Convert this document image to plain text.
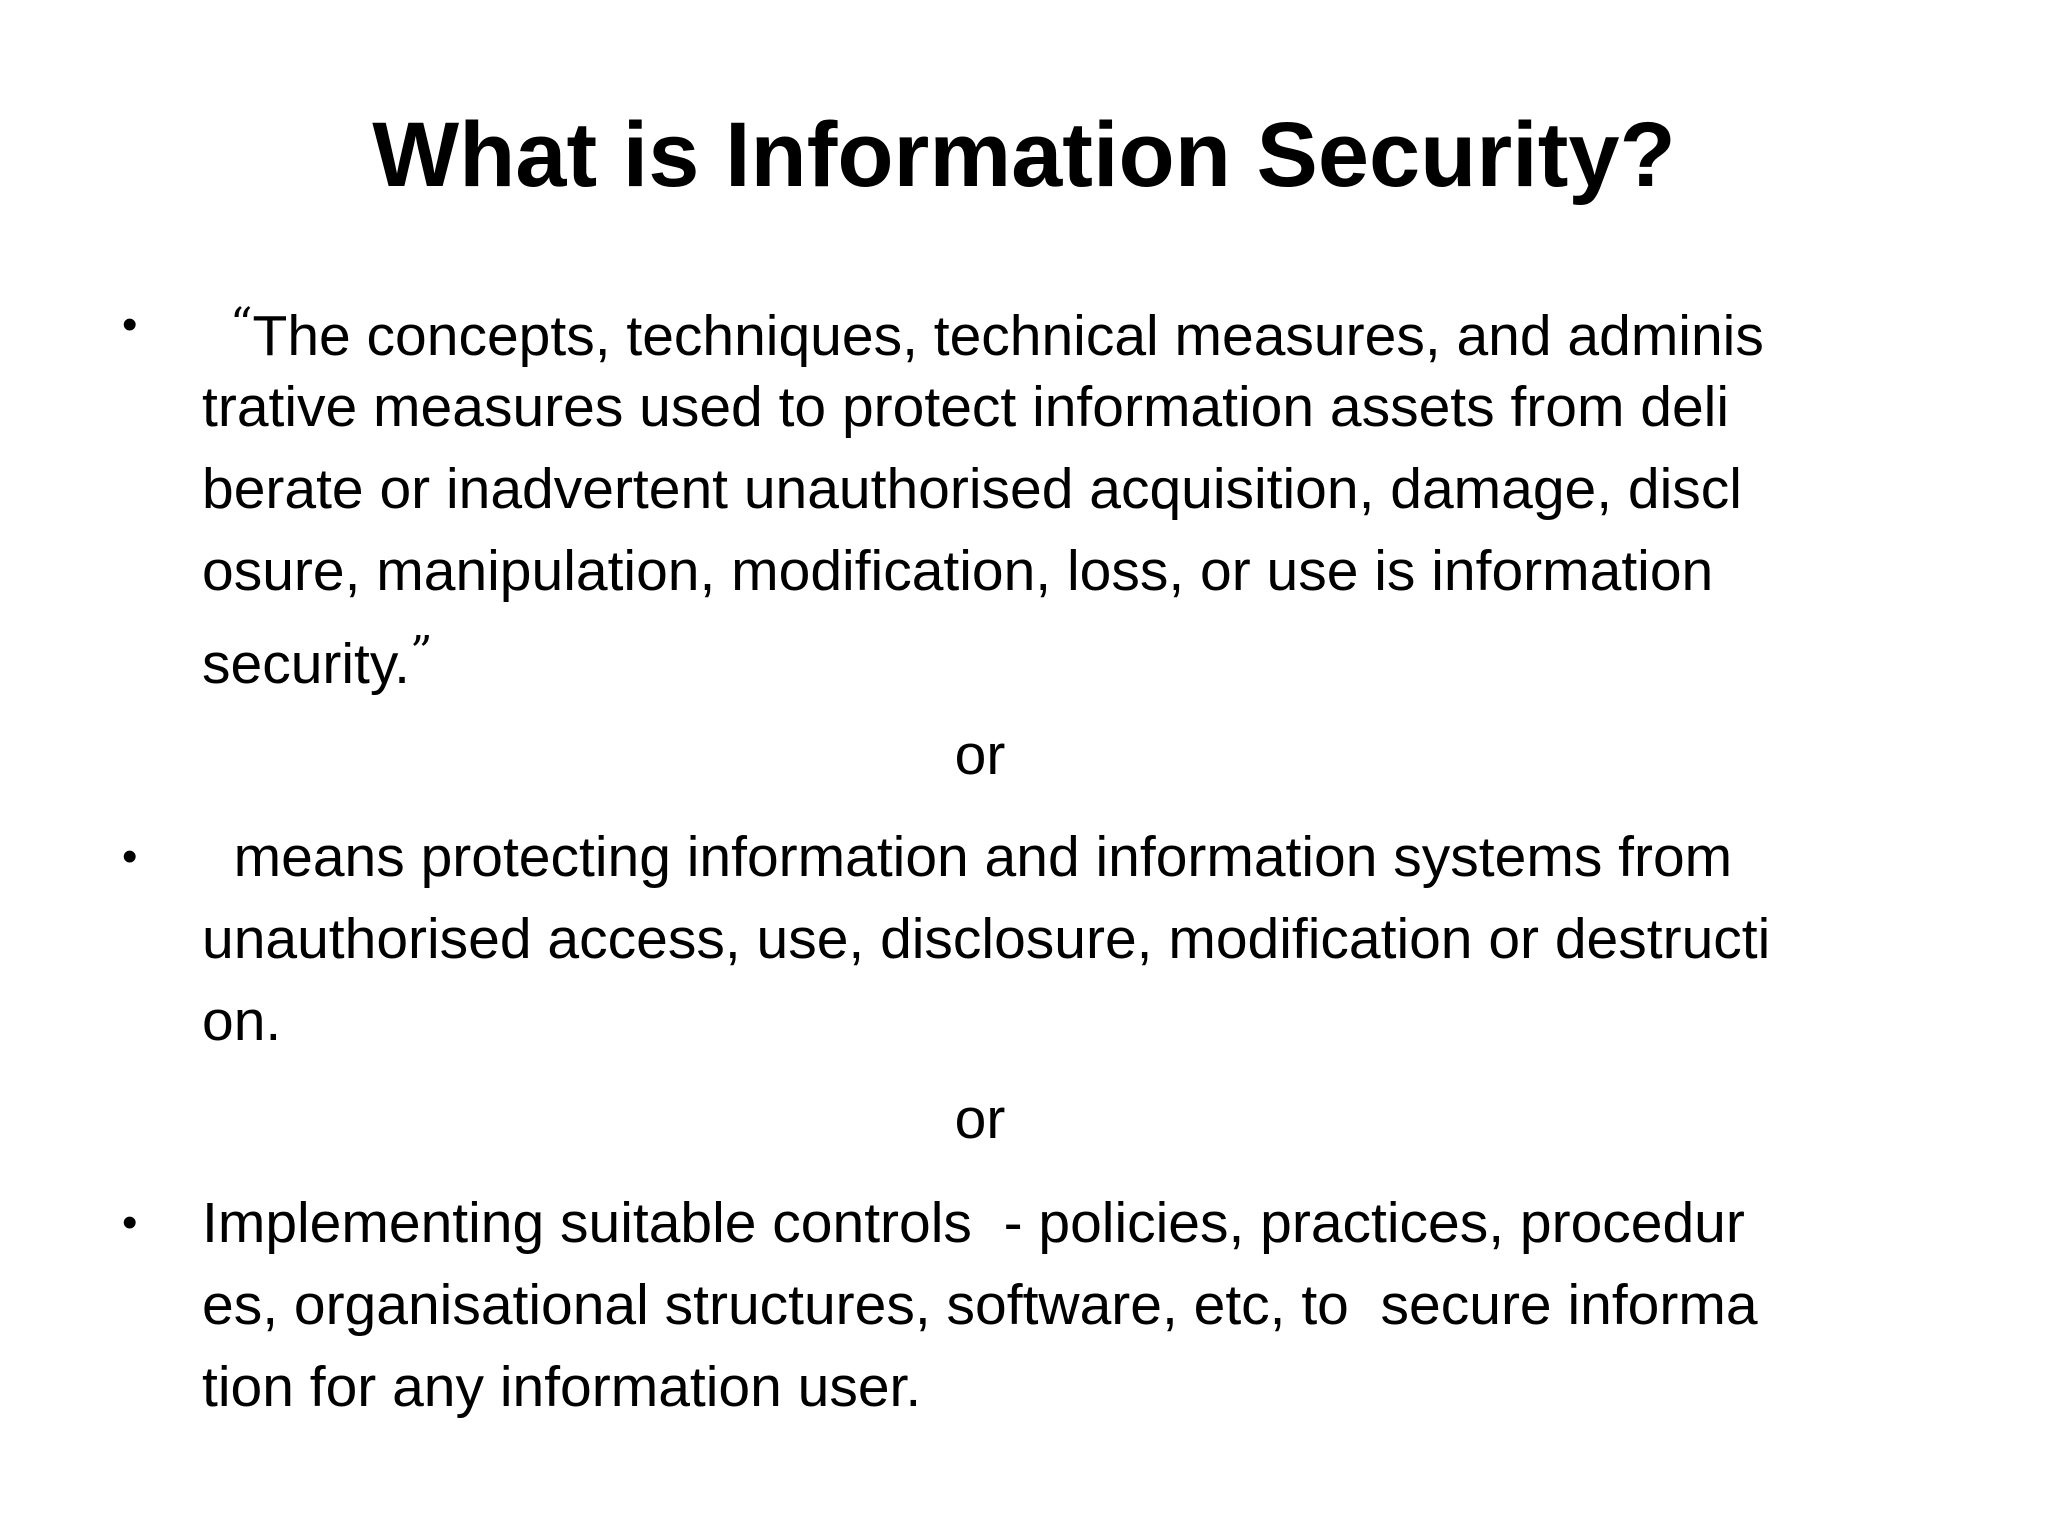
What is Information Security?
• “The concepts, techniques, technical measures, and adminis
trative measures used to protect information assets from deli
berate or inadvertent unauthorised acquisition, damage, discl
osure, manipulation, modification, loss, or use is information
security.”
or
• means protecting information and information systems from
unauthorised access, use, disclosure, modification or destructi
on.
or
• Implementing suitable controls  - policies, practices, procedur
es, organisational structures, software, etc, to  secure informa
tion for any information user.
